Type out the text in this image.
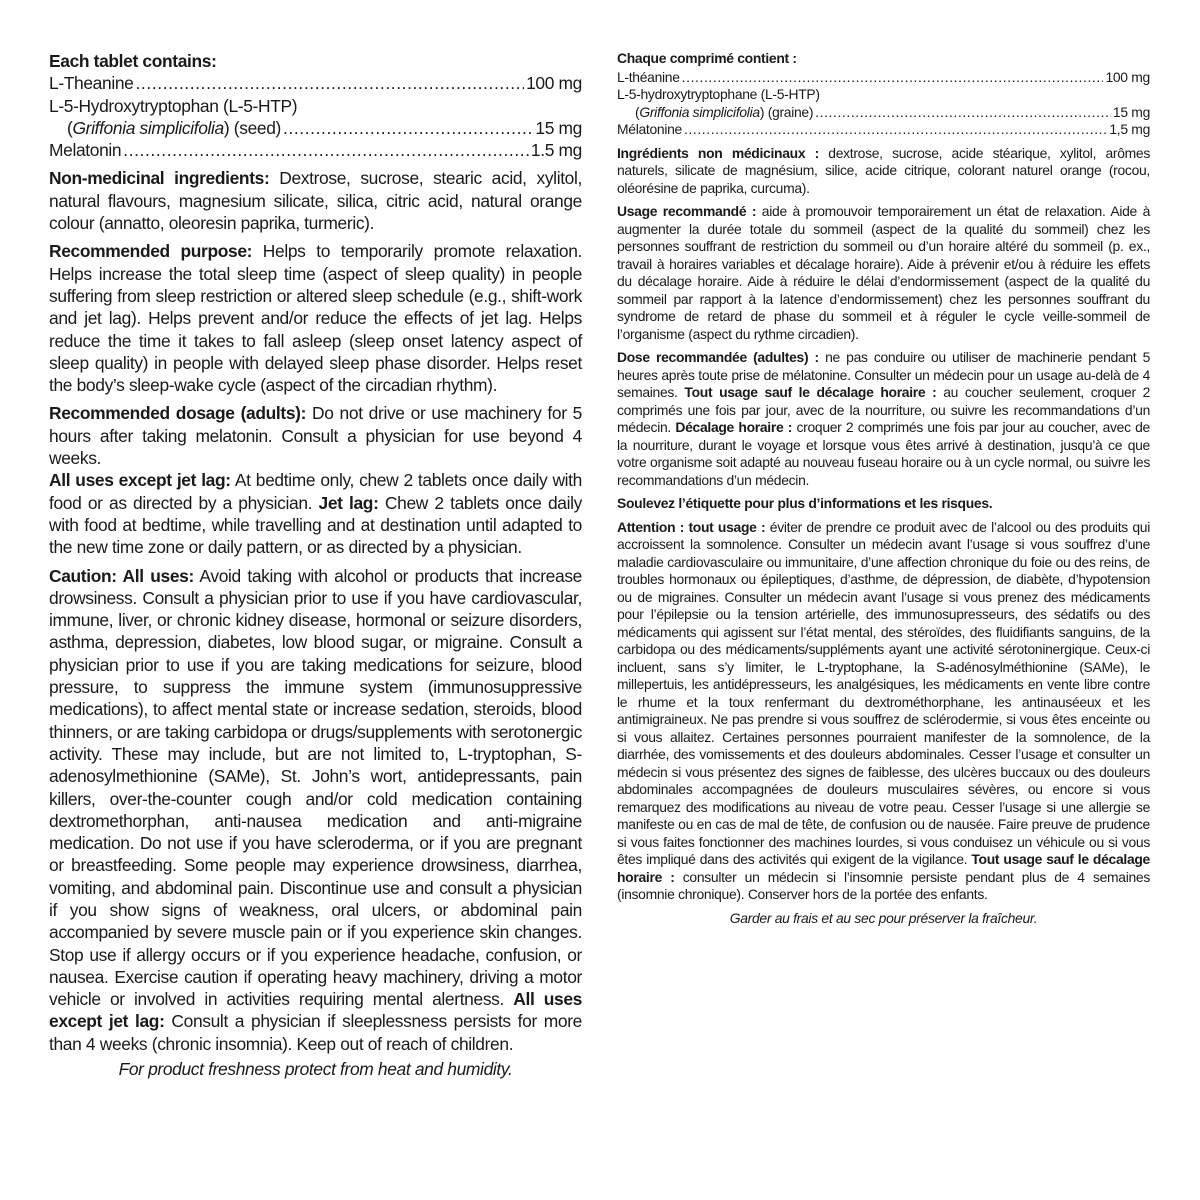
Each tablet contains:
L-Theanine .....	100 mg
L-5-Hydroxytryptophan (L-5-HTP)
(Griffonia simplicifolia) (seed) .....	15 mg
Melatonin .....	1.5 mg

Non-medicinal ingredients: Dextrose, sucrose, stearic acid, xylitol, natural flavours, magnesium silicate, silica, citric acid, natural orange colour (annatto, oleoresin paprika, turmeric).

Recommended purpose: Helps to temporarily promote relaxation. Helps increase the total sleep time (aspect of sleep quality) in people suffering from sleep restriction or altered sleep schedule (e.g., shift-work and jet lag). Helps prevent and/or reduce the effects of jet lag. Helps reduce the time it takes to fall asleep (sleep onset latency aspect of sleep quality) in people with delayed sleep phase disorder. Helps reset the body’s sleep-wake cycle (aspect of the circadian rhythm).

Recommended dosage (adults): Do not drive or use machinery for 5 hours after taking melatonin. Consult a physician for use beyond 4 weeks.

All uses except jet lag: At bedtime only, chew 2 tablets once daily with food or as directed by a physician. Jet lag: Chew 2 tablets once daily with food at bedtime, while travelling and at destination until adapted to the new time zone or daily pattern, or as directed by a physician.

Caution: All uses: Avoid taking with alcohol or products that increase drowsiness. Consult a physician prior to use if you have cardiovascular, immune, liver, or chronic kidney disease, hormonal or seizure disorders, asthma, depression, diabetes, low blood sugar, or migraine. Consult a physician prior to use if you are taking medications for seizure, blood pressure, to suppress the immune system (immunosuppressive medications), to affect mental state or increase sedation, steroids, blood thinners, or are taking carbidopa or drugs/supplements with serotonergic activity. These may include, but are not limited to, L-tryptophan, S-adenosylmethionine (SAMe), St. John’s wort, antidepressants, pain killers, over-the-counter cough and/or cold medication containing dextromethorphan, anti-nausea medication and anti-migraine medication. Do not use if you have scleroderma, or if you are pregnant or breastfeeding. Some people may experience drowsiness, diarrhea, vomiting, and abdominal pain. Discontinue use and consult a physician if you show signs of weakness, oral ulcers, or abdominal pain accompanied by severe muscle pain or if you experience skin changes. Stop use if allergy occurs or if you experience headache, confusion, or nausea. Exercise caution if operating heavy machinery, driving a motor vehicle or involved in activities requiring mental alertness. All uses except jet lag: Consult a physician if sleeplessness persists for more than 4 weeks (chronic insomnia). Keep out of reach of children.

For product freshness protect from heat and humidity.
Chaque comprimé contient :
L-théanine .....	100 mg
L-5-hydroxytryptophane (L-5-HTP)
(Griffonia simplicifolia) (graine) .....	15 mg
Mélatonine .....	1,5 mg

Ingrédients non médicinaux : dextrose, sucrose, acide stéarique, xylitol, arômes naturels, silicate de magnésium, silice, acide citrique, colorant naturel orange (rocou, oléorésine de paprika, curcuma).

Usage recommandé : aide à promouvoir temporairement un état de relaxation. Aide à augmenter la durée totale du sommeil (aspect de la qualité du sommeil) chez les personnes souffrant de restriction du sommeil ou d’un horaire altéré du sommeil (p. ex., travail à horaires variables et décalage horaire). Aide à prévenir et/ou à réduire les effets du décalage horaire. Aide à réduire le délai d’endormissement (aspect de la qualité du sommeil par rapport à la latence d’endormissement) chez les personnes souffrant du syndrome de retard de phase du sommeil et à réguler le cycle veille-sommeil de l’organisme (aspect du rythme circadien).

Dose recommandée (adultes) : ne pas conduire ou utiliser de machinerie pendant 5 heures après toute prise de mélatonine. Consulter un médecin pour un usage au-delà de 4 semaines. Tout usage sauf le décalage horaire : au coucher seulement, croquer 2 comprimés une fois par jour, avec de la nourriture, ou suivre les recommandations d’un médecin. Décalage horaire : croquer 2 comprimés une fois par jour au coucher, avec de la nourriture, durant le voyage et lorsque vous êtes arrivé à destination, jusqu’à ce que votre organisme soit adapté au nouveau fuseau horaire ou à un cycle normal, ou suivre les recommandations d’un médecin.

Soulevez l’étiquette pour plus d’informations et les risques.

Attention : tout usage : éviter de prendre ce produit avec de l’alcool ou des produits qui accroissent la somnolence. Consulter un médecin avant l’usage si vous souffrez d’une maladie cardiovasculaire ou immunitaire, d’une affection chronique du foie ou des reins, de troubles hormonaux ou épileptiques, d’asthme, de dépression, de diabète, d’hypotension ou de migraines. Consulter un médecin avant l’usage si vous prenez des médicaments pour l’épilepsie ou la tension artérielle, des immunosupresseurs, des sédatifs ou des médicaments qui agissent sur l’état mental, des stéroïdes, des fluidifiants sanguins, de la carbidopa ou des médicaments/suppléments ayant une activité sérotoninergique. Ceux-ci incluent, sans s’y limiter, le L-tryptophane, la S-adénosylméthionine (SAMe), le millepertuis, les antidépresseurs, les analgésiques, les médicaments en vente libre contre le rhume et la toux renfermant du dextrométhorphane, les antinauséeux et les antimigraineux. Ne pas prendre si vous souffrez de sclérodermie, si vous êtes enceinte ou si vous allaitez. Certaines personnes pourraient manifester de la somnolence, de la diarrhée, des vomissements et des douleurs abdominales. Cesser l’usage et consulter un médecin si vous présentez des signes de faiblesse, des ulcères buccaux ou des douleurs abdominales accompagnées de douleurs musculaires sévères, ou encore si vous remarquez des modifications au niveau de votre peau. Cesser l’usage si une allergie se manifeste ou en cas de mal de tête, de confusion ou de nausée. Faire preuve de prudence si vous faites fonctionner des machines lourdes, si vous conduisez un véhicule ou si vous êtes impliqué dans des activités qui exigent de la vigilance. Tout usage sauf le décalage horaire : consulter un médecin si l’insomnie persiste pendant plus de 4 semaines (insomnie chronique). Conserver hors de la portée des enfants.

Garder au frais et au sec pour préserver la fraîcheur.
